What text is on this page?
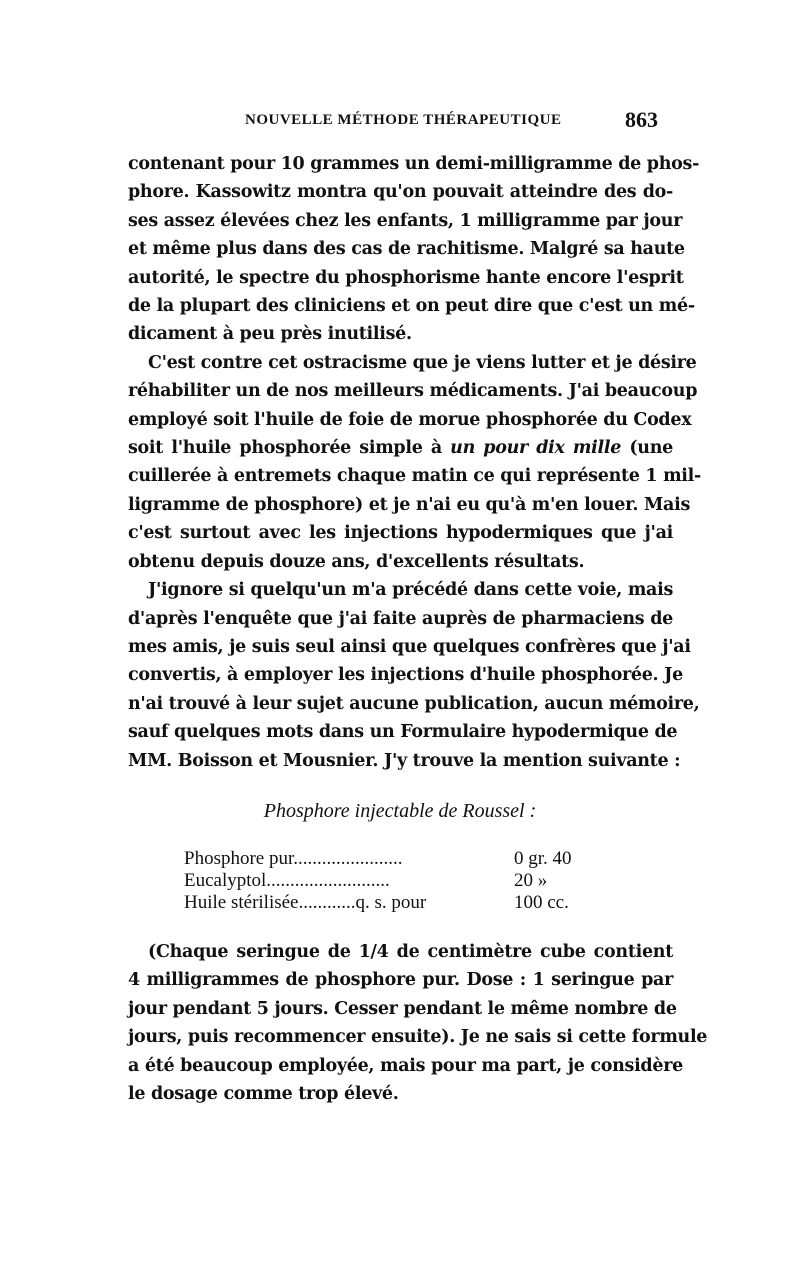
NOUVELLE MÉTHODE THÉRAPEUTIQUE	863
contenant pour 10 grammes un demi-milligramme de phos-
phore. Kassowitz montra qu'on pouvait atteindre des do-
ses assez élevées chez les enfants, 1 milligramme par jour
et même plus dans des cas de rachitisme. Malgré sa haute
autorité, le spectre du phosphorisme hante encore l'esprit
de la plupart des cliniciens et on peut dire que c'est un mé-
dicament à peu près inutilisé.
C'est contre cet ostracisme que je viens lutter et je désire
réhabiliter un de nos meilleurs médicaments. J'ai beaucoup
employé soit l'huile de foie de morue phosphorée du Codex
soit l'huile phosphorée simple à un pour dix mille (une
cuillerée à entremets chaque matin ce qui représente 1 mil-
ligramme de phosphore) et je n'ai eu qu'à m'en louer. Mais
c'est surtout avec les injections hypodermiques que j'ai
obtenu depuis douze ans, d'excellents résultats.
J'ignore si quelqu'un m'a précédé dans cette voie, mais
d'après l'enquête que j'ai faite auprès de pharmaciens de
mes amis, je suis seul ainsi que quelques confrères que j'ai
convertis, à employer les injections d'huile phosphorée. Je
n'ai trouvé à leur sujet aucune publication, aucun mémoire,
sauf quelques mots dans un Formulaire hypodermique de
MM. Boisson et Mousnier. J'y trouve la mention suivante :
Phosphore injectable de Roussel :
Phosphore pur.......................	0 gr. 40
Eucalyptol..........................	20 »
Huile stérilisée............q. s. pour	100 cc.
(Chaque seringue de 1/4 de centimètre cube contient
4 milligrammes de phosphore pur. Dose : 1 seringue par
jour pendant 5 jours. Cesser pendant le même nombre de
jours, puis recommencer ensuite). Je ne sais si cette formule
a été beaucoup employée, mais pour ma part, je considère
le dosage comme trop élevé.
